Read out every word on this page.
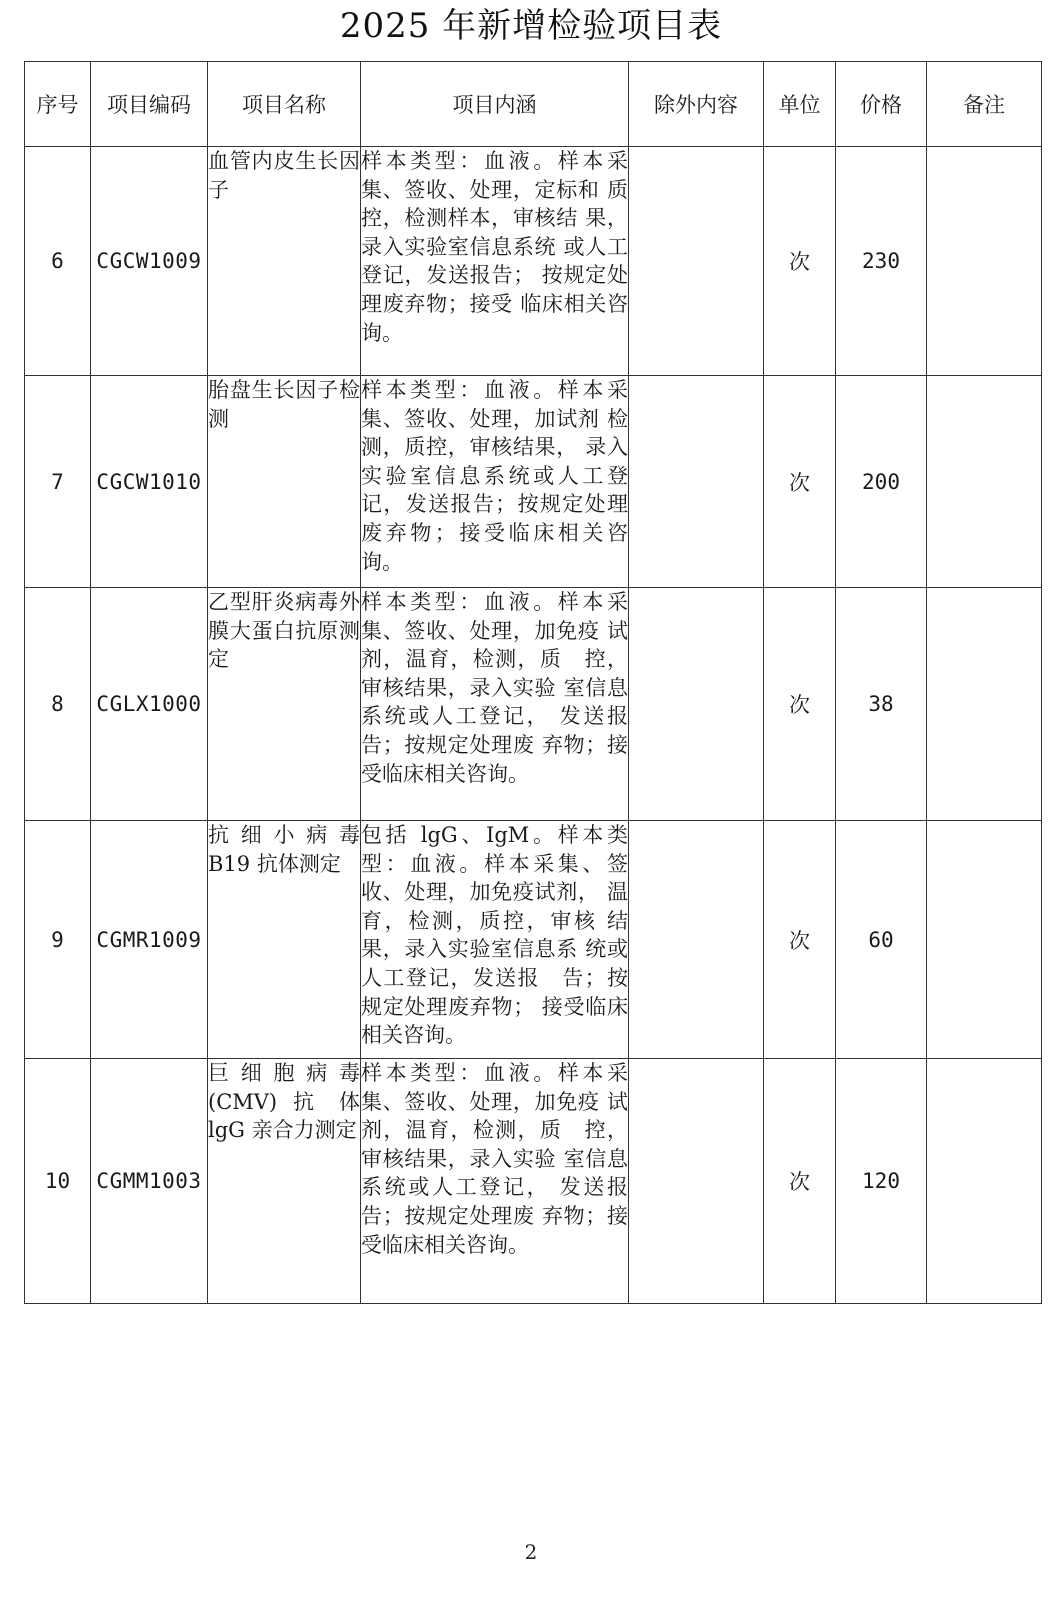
2025 年新增检验项目表
序号	项目编码	项目名称	项目内涵	除外内容	单位	价格	备注
6	CGCW1009	血管内皮生长因子	样本类型：血液。样本采集、签收、处理，定标和 质控，检测样本，审核结 果，录入实验室信息系统 或人工登记，发送报告； 按规定处理废弃物；接受 临床相关咨询。		次	230	
7	CGCW1010	胎盘生长因子检测	样本类型：血液。样本采集、签收、处理，加试剂 检测，质控，审核结果， 录入实验室信息系统或人工登记，发送报告；按规定处理废弃物；接受临床相关咨询。		次	200	
8	CGLX1000	乙型肝炎病毒外膜大蛋白抗原测定	样本类型：血液。样本采集、签收、处理，加免疫 试剂，温育，检测，质　控，审核结果，录入实验 室信息系统或人工登记， 发送报告；按规定处理废 弃物；接受临床相关咨询。		次	38	
9	CGMR1009	抗细小病毒 B19 抗体测定	包括 lgG、IgM。样本类型：血液。样本采集、签收、处理，加免疫试剂， 温育，检测，质控，审核 结果，录入实验室信息系 统或人工登记，发送报　告；按规定处理废弃物； 接受临床相关咨询。		次	60	
10	CGMM1003	巨细胞病毒(CMV) 抗 体 lgG 亲合力测定	样本类型：血液。样本采集、签收、处理，加免疫 试剂，温育，检测，质　控，审核结果，录入实验 室信息系统或人工登记， 发送报告；按规定处理废 弃物；接受临床相关咨询。		次	120	
2
